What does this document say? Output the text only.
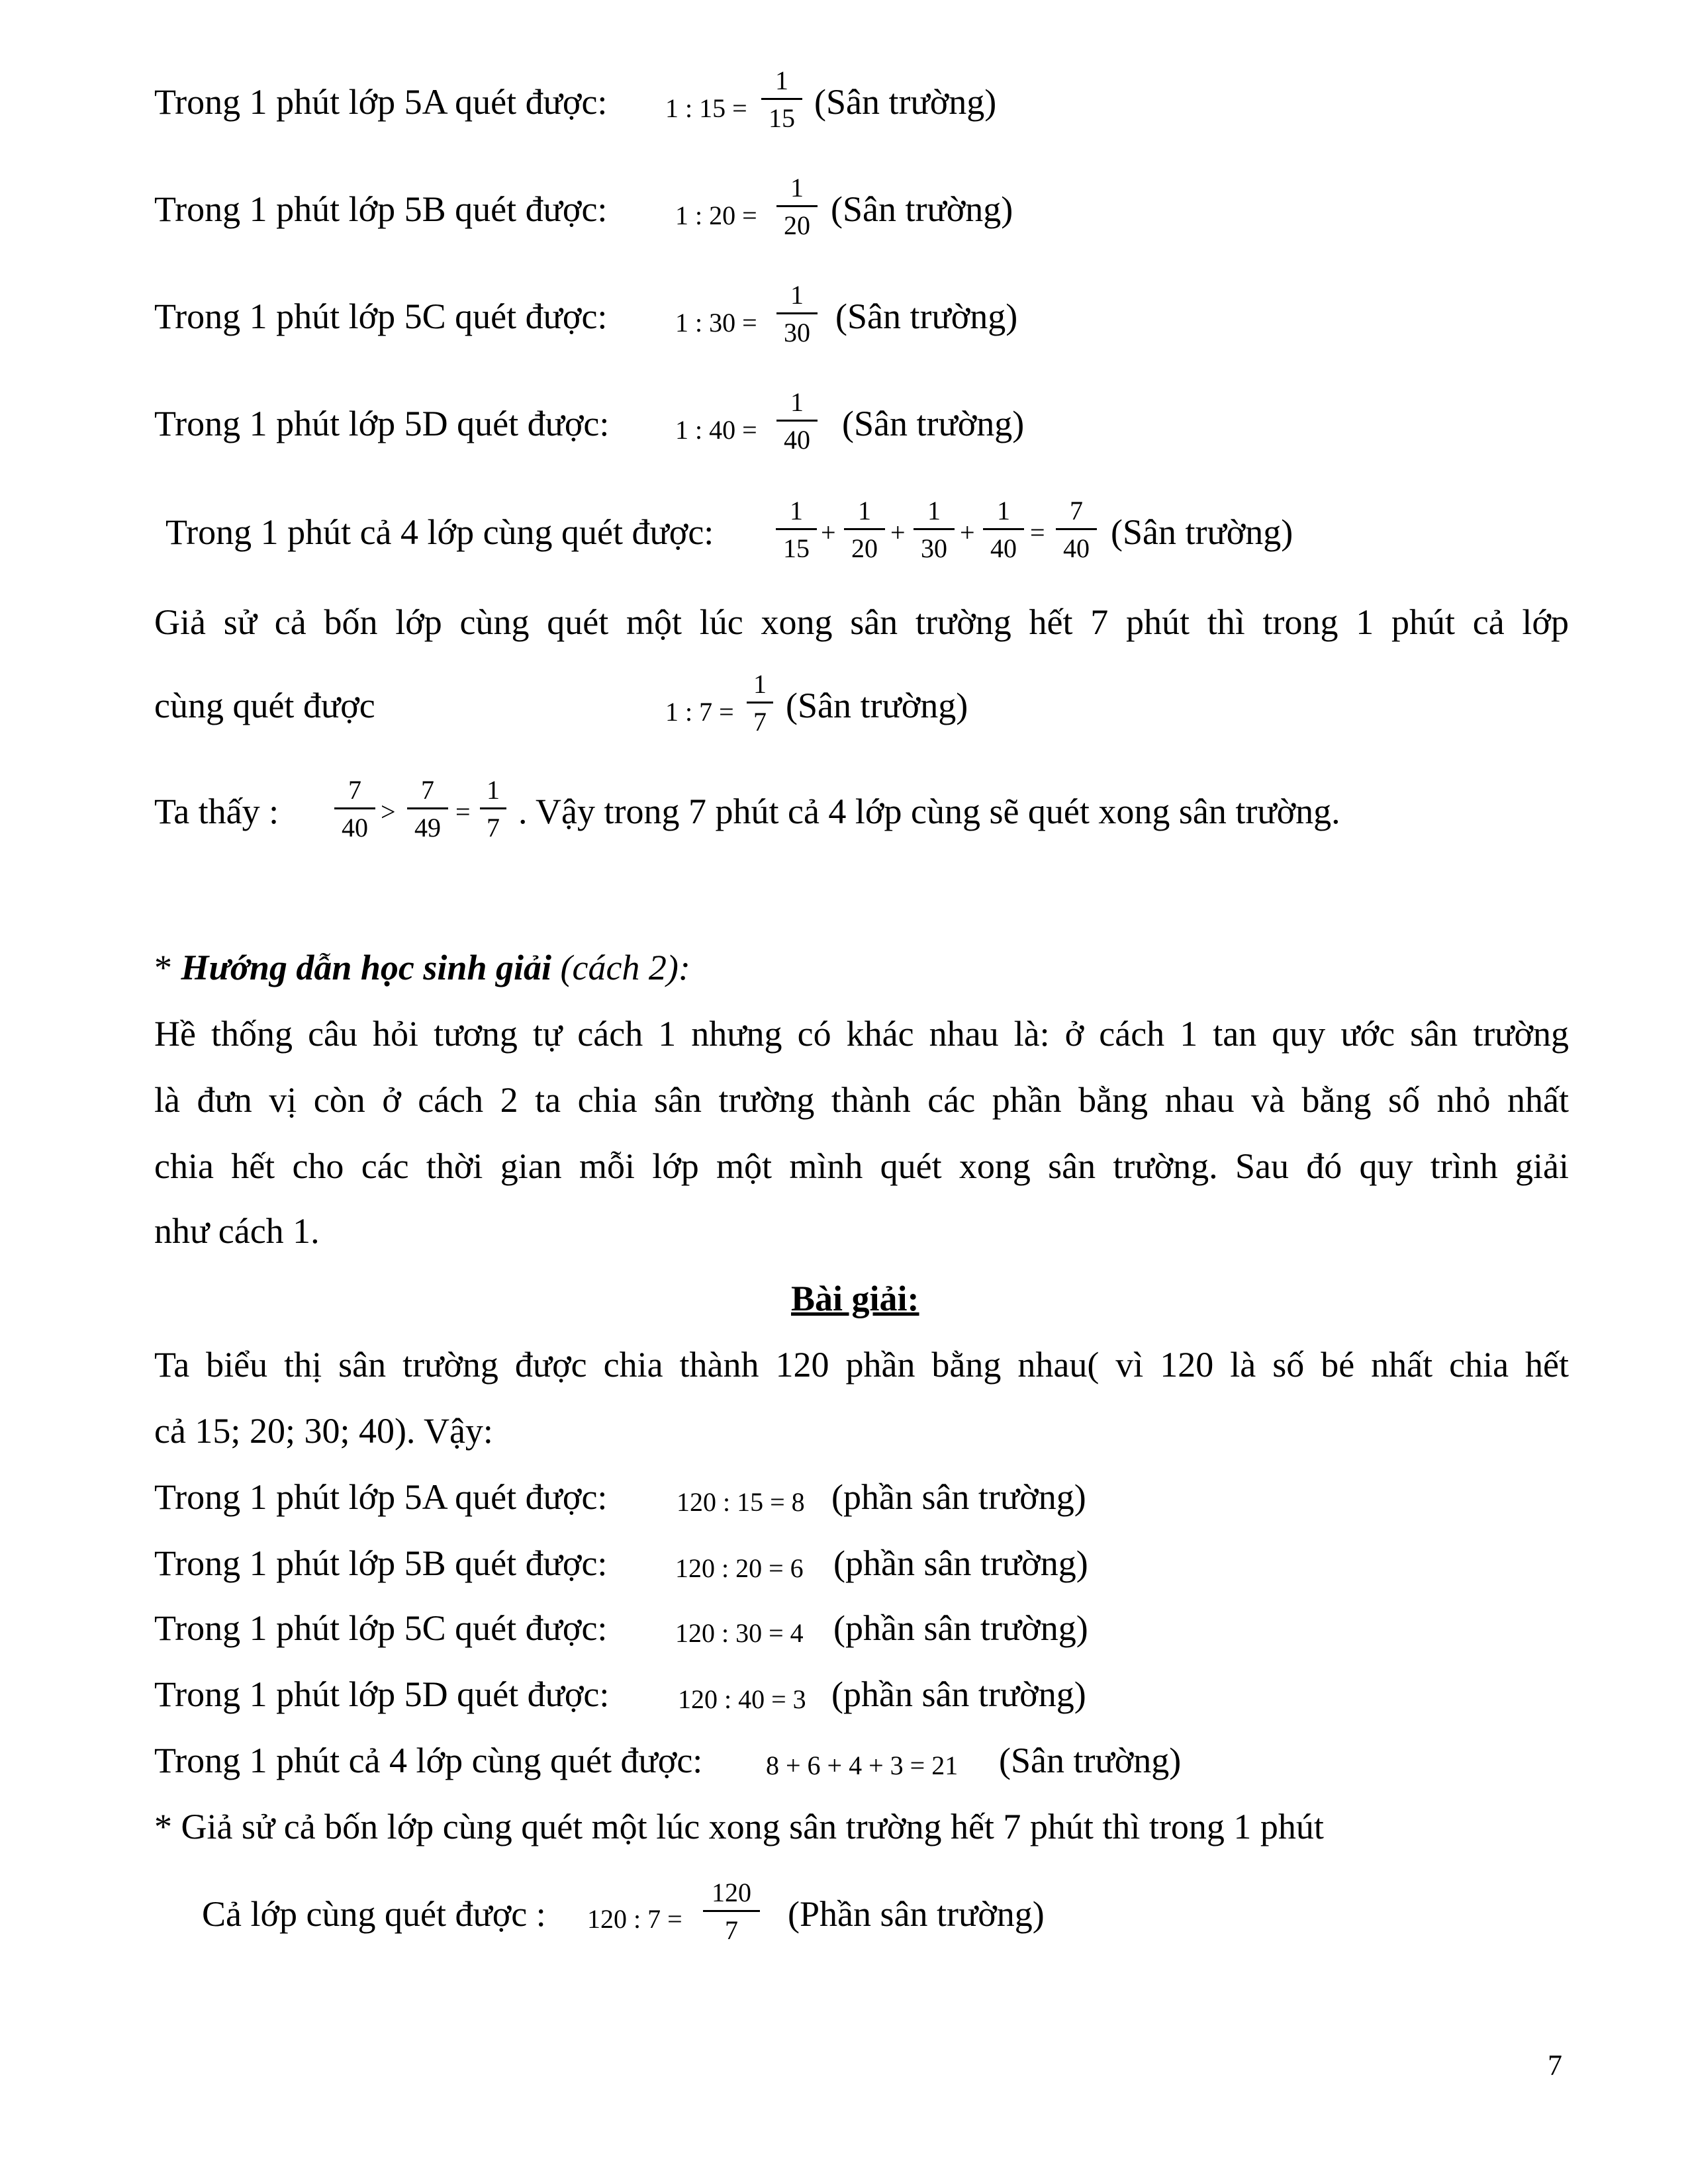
Trong 1 phút lớp 5A quét được: 1 : 15 =
1
15 (Sân trường)
Trong 1 phút lớp 5B quét được:	1 : 20 =
1
20 (Sân trường)
Trong 1 phút lớp 5C quét được:	1 : 30 =
1
30 (Sân trường)
Trong 1 phút lớp 5D quét được: 1 : 40 =
1
40 (Sân trường)
Trong 1 phút cả 4 lớp cùng quét được:
1
15
+
1
20
+
1
30
+
1
40
=
7
40 (Sân trường)
Giả sử cả bốn lớp cùng quét một lúc xong sân trường hết 7 phút thì trong 1 phút cả lớp
cùng quét được	1 : 7 =
1
7 (Sân trường)
Ta thấy :
7
40
>
7
49
=
1
7 . Vậy trong 7 phút cả 4 lớp cùng sẽ quét xong sân trường.
* Hướng dẫn học sinh giải (cách 2):
Hề thống câu hỏi tương tự cách 1 nhưng có khác nhau là: ở cách 1 tan quy ước sân trường
là đưn vị còn ở cách 2 ta chia sân trường thành các phần bằng nhau và bằng số nhỏ nhất
chia hết cho các thời gian mỗi lớp một mình quét xong sân trường. Sau đó quy trình giải
như cách 1.
Bài giải:
Ta biểu thị sân trường được chia thành 120 phần bằng nhau( vì 120 là số bé nhất chia hết
cả 15; 20; 30; 40). Vậy:
Trong 1 phút lớp 5A quét được:	120 : 15 = 8 (phần sân trường)
Trong 1 phút lớp 5B quét được:	120 : 20 = 6 (phần sân trường)
Trong 1 phút lớp 5C quét được:	120 : 30 = 4 (phần sân trường)
Trong 1 phút lớp 5D quét được:	120 : 40 = 3 (phần sân trường)
Trong 1 phút cả 4 lớp cùng quét được: 8 + 6 + 4 + 3 = 21 (Sân trường)
* Giả sử cả bốn lớp cùng quét một lúc xong sân trường hết 7 phút thì trong 1 phút
Cả lớp cùng quét được : 120 : 7 =
120
7	(Phần sân trường)
7
